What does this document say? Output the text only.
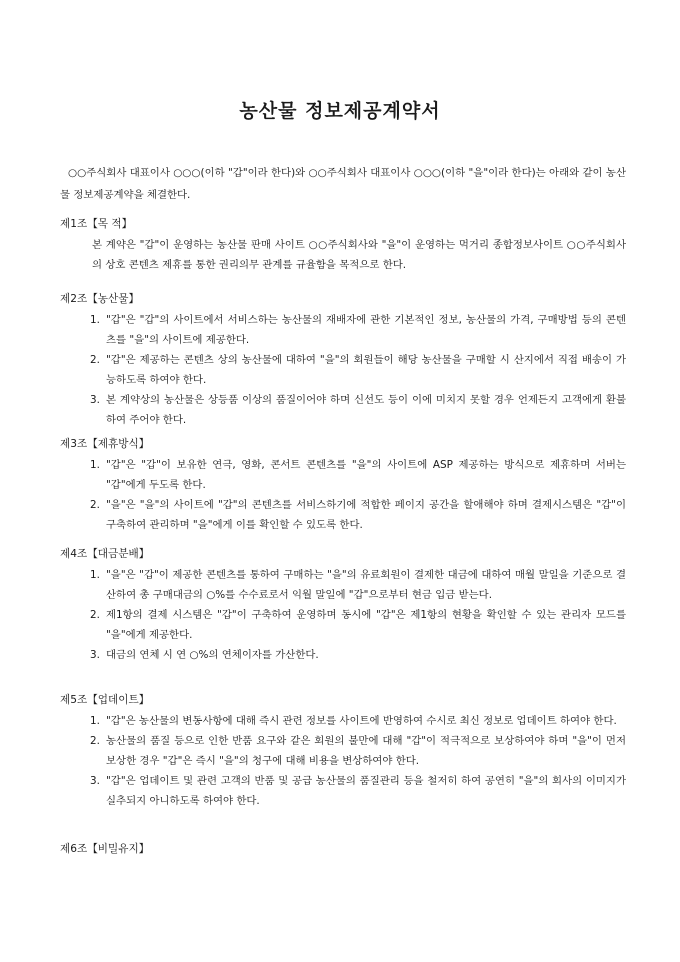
농산물 정보제공계약서
○○주식회사 대표이사 ○○○(이하 "갑"이라 한다)와 ○○주식회사 대표이사 ○○○(이하 "을"이라 한다)는 아래와 같이 농산물 정보제공계약을 체결한다.
제1조【목 적】
본 계약은 "갑"이 운영하는 농산물 판매 사이트 ○○주식회사와 "을"이 운영하는 먹거리 종합정보사이트 ○○주식회사의 상호 콘텐츠 제휴를 통한 권리의무 관계를 규율함을 목적으로 한다.
제2조【농산물】
1. "갑"은 "갑"의 사이트에서 서비스하는 농산물의 재배자에 관한 기본적인 정보, 농산물의 가격, 구매방법 등의 콘텐츠를 "을"의 사이트에 제공한다.
2. "갑"은 제공하는 콘텐츠 상의 농산물에 대하여 "을"의 회원들이 해당 농산물을 구매할 시 산지에서 직접 배송이 가능하도록 하여야 한다.
3. 본 계약상의 농산물은 상등품 이상의 품질이어야 하며 신선도 등이 이에 미치지 못할 경우 언제든지 고객에게 환불하여 주어야 한다.
제3조【제휴방식】
1. "갑"은 "갑"이 보유한 연극, 영화, 콘서트 콘텐츠를 "을"의 사이트에 ASP 제공하는 방식으로 제휴하며 서버는 "갑"에게 두도록 한다.
2. "을"은 "을"의 사이트에 "갑"의 콘텐츠를 서비스하기에 적합한 페이지 공간을 할애해야 하며 결제시스템은 "갑"이 구축하여 관리하며 "을"에게 이를 확인할 수 있도록 한다.
제4조【대금분배】
1. "을"은 "갑"이 제공한 콘텐츠를 통하여 구매하는 "을"의 유료회원이 결제한 대금에 대하여 매월 말일을 기준으로 결산하여 총 구매대금의 ○%를 수수료로서 익월 말일에 "갑"으로부터 현금 입금 받는다.
2. 제1항의 결제 시스템은 "갑"이 구축하여 운영하며 동시에 "갑"은 제1항의 현황을 확인할 수 있는 관리자 모드를 "을"에게 제공한다.
3. 대금의 연체 시 연 ○%의 연체이자를 가산한다.
제5조【업데이트】
1. "갑"은 농산물의 변동사항에 대해 즉시 관련 정보를 사이트에 반영하여 수시로 최신 정보로 업데이트 하여야 한다.
2. 농산물의 품질 등으로 인한 반품 요구와 같은 회원의 불만에 대해 "갑"이 적극적으로 보상하여야 하며 "을"이 먼저 보상한 경우 "갑"은 즉시 "을"의 청구에 대해 비용을 변상하여야 한다.
3. "갑"은 업데이트 및 관련 고객의 반품 및 공급 농산물의 품질관리 등을 철저히 하여 공연히 "을"의 회사의 이미지가 실추되지 아니하도록 하여야 한다.
제6조【비밀유지】
